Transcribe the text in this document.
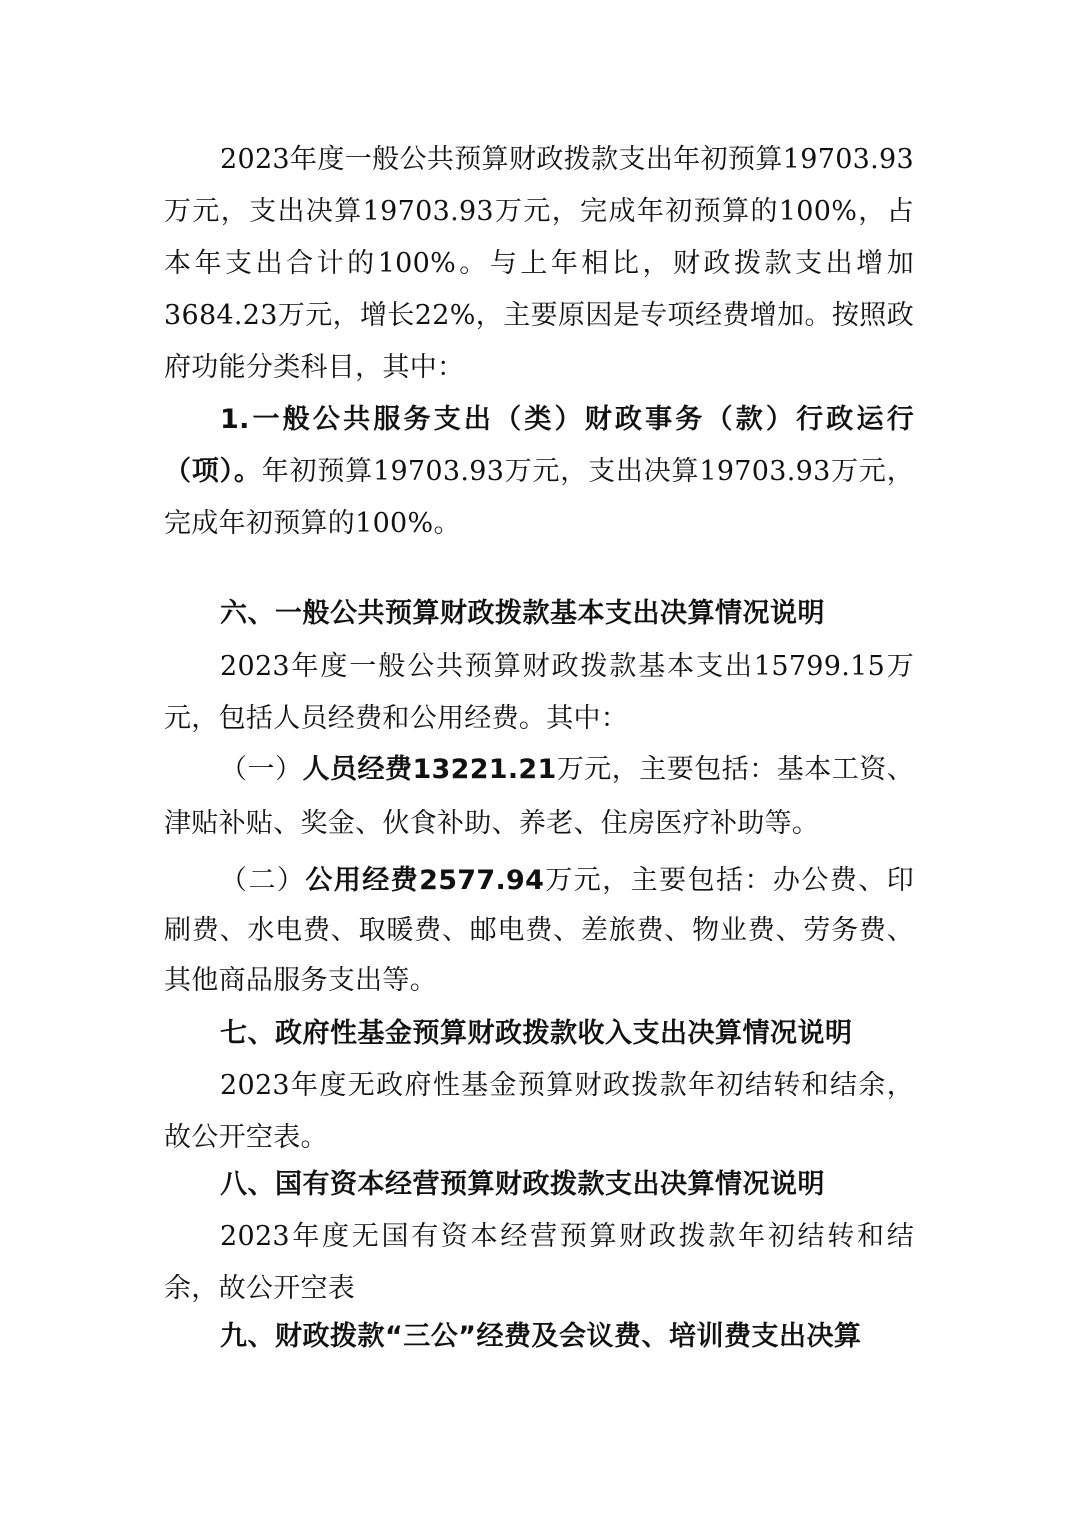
2023年度一般公共预算财政拨款支出年初预算19703.93万元，支出决算19703.93万元，完成年初预算的100%，占本年支出合计的100%。与上年相比，财政拨款支出增加3684.23万元，增长22%，主要原因是专项经费增加。按照政府功能分类科目，其中：

1.一般公共服务支出（类）财政事务（款）行政运行（项）。年初预算19703.93万元，支出决算19703.93万元，完成年初预算的100%。

六、一般公共预算财政拨款基本支出决算情况说明

2023年度一般公共预算财政拨款基本支出15799.15万元，包括人员经费和公用经费。其中：

（一）人员经费13221.21万元，主要包括：基本工资、津贴补贴、奖金、伙食补助、养老、住房医疗补助等。

（二）公用经费2577.94万元，主要包括：办公费、印刷费、水电费、取暖费、邮电费、差旅费、物业费、劳务费、其他商品服务支出等。

七、政府性基金预算财政拨款收入支出决算情况说明

2023年度无政府性基金预算财政拨款年初结转和结余，故公开空表。

八、国有资本经营预算财政拨款支出决算情况说明

2023年度无国有资本经营预算财政拨款年初结转和结余，故公开空表

九、财政拨款“三公”经费及会议费、培训费支出决算
